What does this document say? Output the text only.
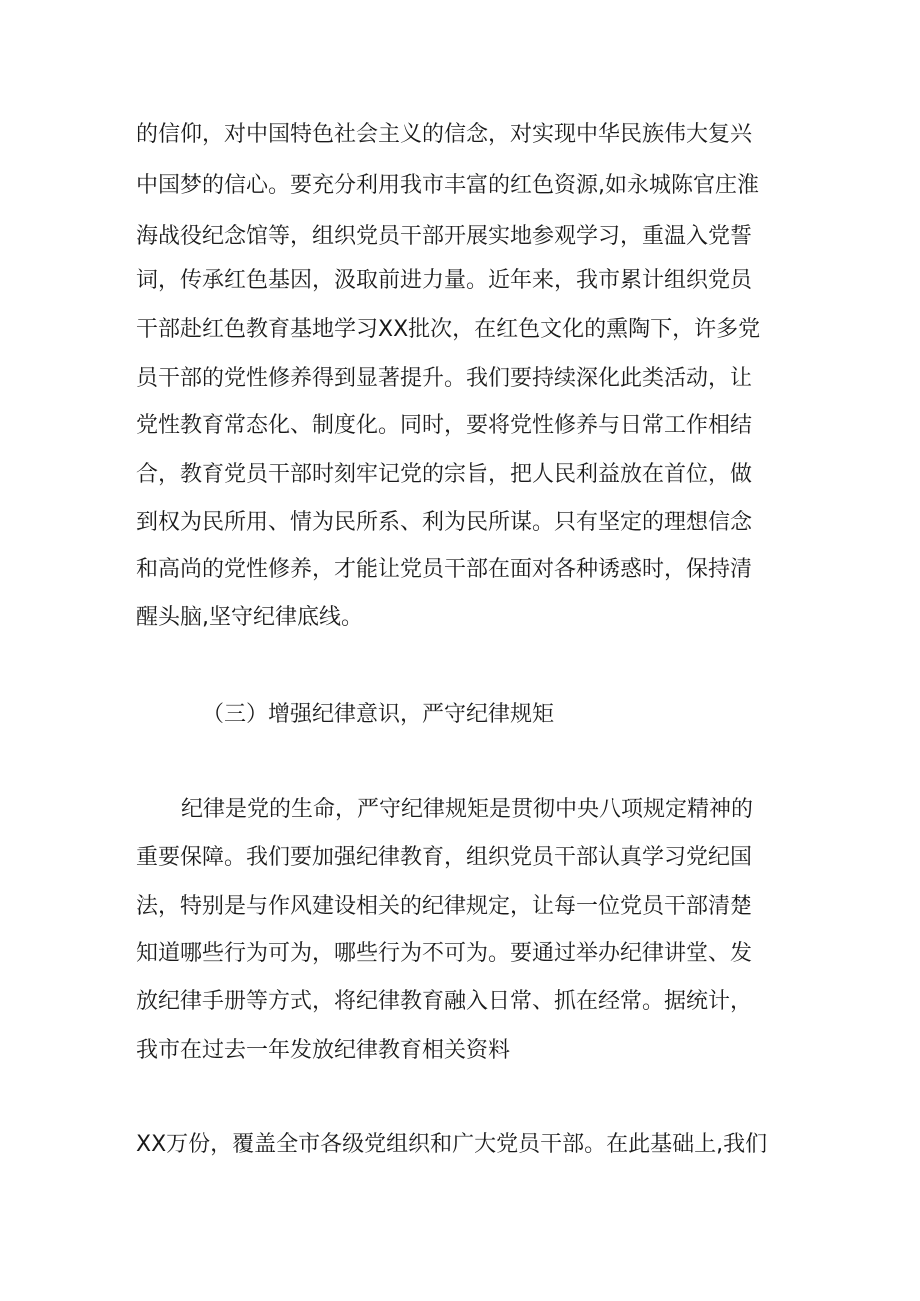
的信仰，对中国特色社会主义的信念，对实现中华民族伟大复兴

中国梦的信心。要充分利用我市丰富的红色资源,如永城陈官庄淮

海战役纪念馆等，组织党员干部开展实地参观学习，重温入党誓

词，传承红色基因，汲取前进力量。近年来，我市累计组织党员

干部赴红色教育基地学习XX批次，在红色文化的熏陶下，许多党

员干部的党性修养得到显著提升。我们要持续深化此类活动，让

党性教育常态化、制度化。同时，要将党性修养与日常工作相结

合，教育党员干部时刻牢记党的宗旨，把人民利益放在首位，做

到权为民所用、情为民所系、利为民所谋。只有坚定的理想信念

和高尚的党性修养，才能让党员干部在面对各种诱惑时，保持清

醒头脑,坚守纪律底线。

（三）增强纪律意识，严守纪律规矩

纪律是党的生命，严守纪律规矩是贯彻中央八项规定精神的

重要保障。我们要加强纪律教育，组织党员干部认真学习党纪国

法，特别是与作风建设相关的纪律规定，让每一位党员干部清楚

知道哪些行为可为，哪些行为不可为。要通过举办纪律讲堂、发

放纪律手册等方式，将纪律教育融入日常、抓在经常。据统计，

我市在过去一年发放纪律教育相关资料

XX万份，覆盖全市各级党组织和广大党员干部。在此基础上,我们
